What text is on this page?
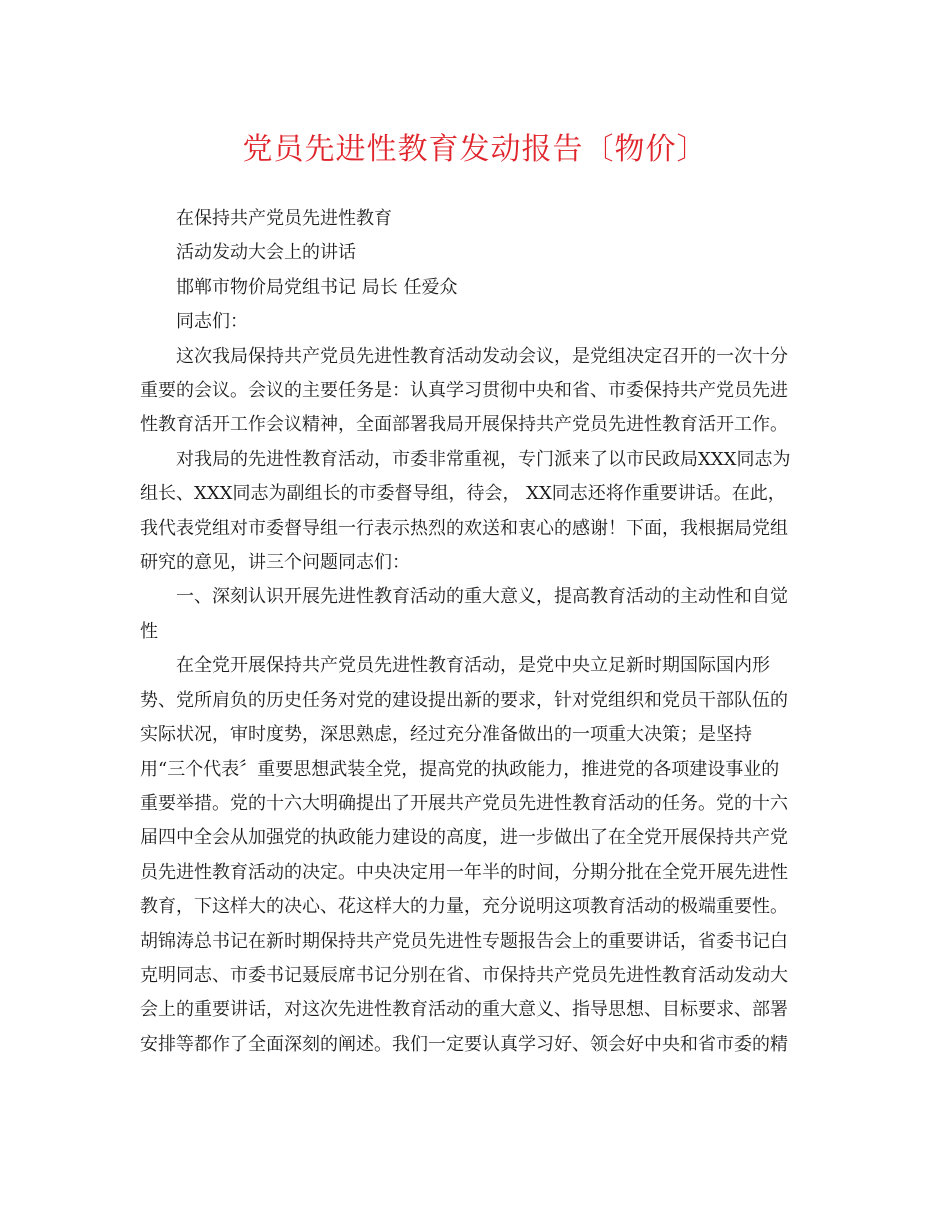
党员先进性教育发动报告〔物价〕

在保持共产党员先进性教育

活动发动大会上的讲话

邯郸市物价局党组书记 局长 任爱众

同志们：

这次我局保持共产党员先进性教育活动发动会议，是党组决定召开的一次十分

重要的会议。会议的主要任务是：认真学习贯彻中央和省、市委保持共产党员先进

性教育活开工作会议精神，全面部署我局开展保持共产党员先进性教育活开工作。

对我局的先进性教育活动，市委非常重视，专门派来了以市民政局XXX同志为

组长、XXX同志为副组长的市委督导组，待会， XX同志还将作重要讲话。在此，

我代表党组对市委督导组一行表示热烈的欢送和衷心的感谢！下面，我根据局党组

研究的意见，讲三个问题同志们：

一、深刻认识开展先进性教育活动的重大意义，提高教育活动的主动性和自觉

性

在全党开展保持共产党员先进性教育活动，是党中央立足新时期国际国内形

势、党所肩负的历史任务对党的建设提出新的要求，针对党组织和党员干部队伍的

实际状况，审时度势，深思熟虑，经过充分准备做出的一项重大决策；是坚持

用“三个代表〞重要思想武装全党，提高党的执政能力，推进党的各项建设事业的

重要举措。党的十六大明确提出了开展共产党员先进性教育活动的任务。党的十六

届四中全会从加强党的执政能力建设的高度，进一步做出了在全党开展保持共产党

员先进性教育活动的决定。中央决定用一年半的时间，分期分批在全党开展先进性

教育，下这样大的决心、花这样大的力量，充分说明这项教育活动的极端重要性。

胡锦涛总书记在新时期保持共产党员先进性专题报告会上的重要讲话，省委书记白

克明同志、市委书记聂辰席书记分别在省、市保持共产党员先进性教育活动发动大

会上的重要讲话，对这次先进性教育活动的重大意义、指导思想、目标要求、部署

安排等都作了全面深刻的阐述。我们一定要认真学习好、领会好中央和省市委的精
